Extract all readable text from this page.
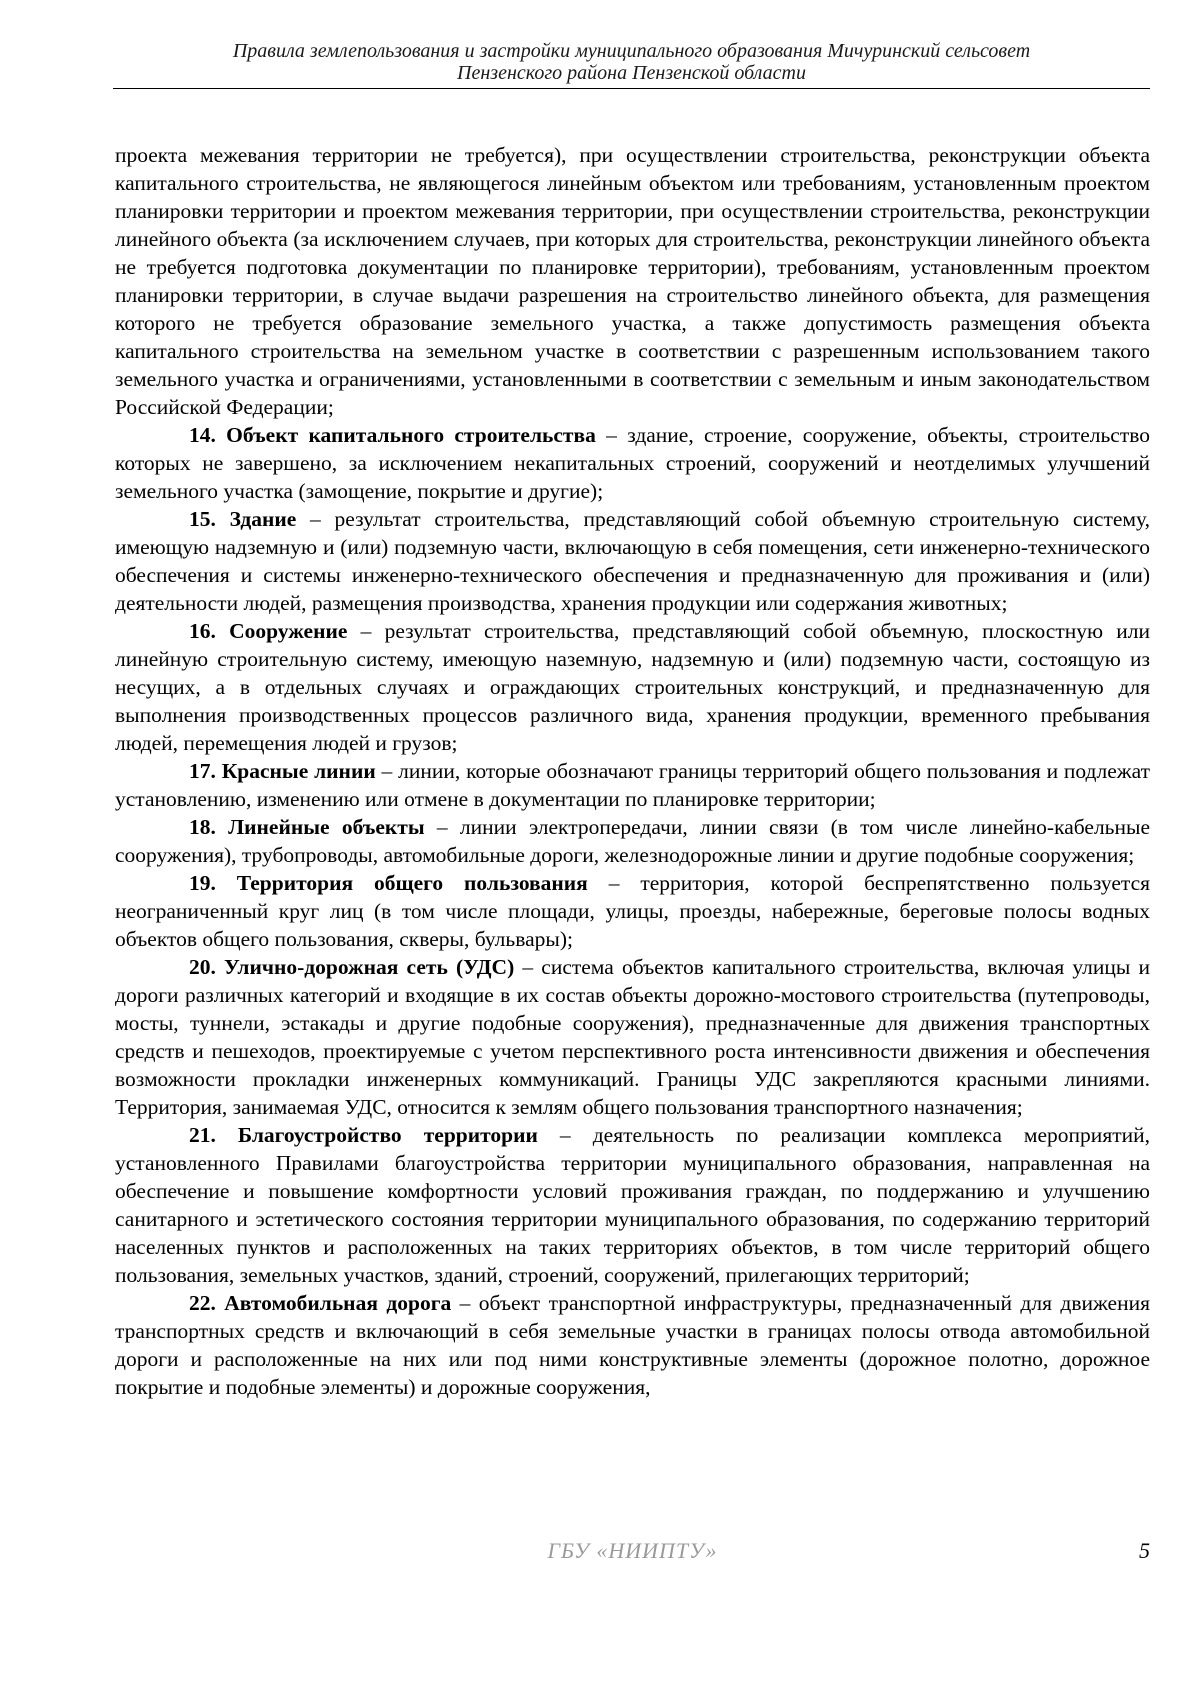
Правила землепользования и застройки муниципального образования Мичуринский сельсовет
Пензенского района Пензенской области

проекта межевания территории не требуется), при осуществлении строительства, реконструкции объекта капитального строительства, не являющегося линейным объектом или требованиям, установленным проектом планировки территории и проектом межевания территории, при осуществлении строительства, реконструкции линейного объекта (за исключением случаев, при которых для строительства, реконструкции линейного объекта не требуется подготовка документации по планировке территории), требованиям, установленным проектом планировки территории, в случае выдачи разрешения на строительство линейного объекта, для размещения которого не требуется образование земельного участка, а также допустимость размещения объекта капитального строительства на земельном участке в соответствии с разрешенным использованием такого земельного участка и ограничениями, установленными в соответствии с земельным и иным законодательством Российской Федерации;

14. Объект капитального строительства – здание, строение, сооружение, объекты, строительство которых не завершено, за исключением некапитальных строений, сооружений и неотделимых улучшений земельного участка (замощение, покрытие и другие);

15. Здание – результат строительства, представляющий собой объемную строительную систему, имеющую надземную и (или) подземную части, включающую в себя помещения, сети инженерно-технического обеспечения и системы инженерно-технического обеспечения и предназначенную для проживания и (или) деятельности людей, размещения производства, хранения продукции или содержания животных;

16. Сооружение – результат строительства, представляющий собой объемную, плоскостную или линейную строительную систему, имеющую наземную, надземную и (или) подземную части, состоящую из несущих, а в отдельных случаях и ограждающих строительных конструкций, и предназначенную для выполнения производственных процессов различного вида, хранения продукции, временного пребывания людей, перемещения людей и грузов;

17. Красные линии – линии, которые обозначают границы территорий общего пользования и подлежат установлению, изменению или отмене в документации по планировке территории;

18. Линейные объекты – линии электропередачи, линии связи (в том числе линейно-кабельные сооружения), трубопроводы, автомобильные дороги, железнодорожные линии и другие подобные сооружения;

19. Территория общего пользования – территория, которой беспрепятственно пользуется неограниченный круг лиц (в том числе площади, улицы, проезды, набережные, береговые полосы водных объектов общего пользования, скверы, бульвары);

20. Улично-дорожная сеть (УДС) – система объектов капитального строительства, включая улицы и дороги различных категорий и входящие в их состав объекты дорожно-мостового строительства (путепроводы, мосты, туннели, эстакады и другие подобные сооружения), предназначенные для движения транспортных средств и пешеходов, проектируемые с учетом перспективного роста интенсивности движения и обеспечения возможности прокладки инженерных коммуникаций. Границы УДС закрепляются красными линиями. Территория, занимаемая УДС, относится к землям общего пользования транспортного назначения;

21. Благоустройство территории – деятельность по реализации комплекса мероприятий, установленного Правилами благоустройства территории муниципального образования, направленная на обеспечение и повышение комфортности условий проживания граждан, по поддержанию и улучшению санитарного и эстетического состояния территории муниципального образования, по содержанию территорий населенных пунктов и расположенных на таких территориях объектов, в том числе территорий общего пользования, земельных участков, зданий, строений, сооружений, прилегающих территорий;

22. Автомобильная дорога – объект транспортной инфраструктуры, предназначенный для движения транспортных средств и включающий в себя земельные участки в границах полосы отвода автомобильной дороги и расположенные на них или под ними конструктивные элементы (дорожное полотно, дорожное покрытие и подобные элементы) и дорожные сооружения,

ГБУ «НИИПТУ»	5
